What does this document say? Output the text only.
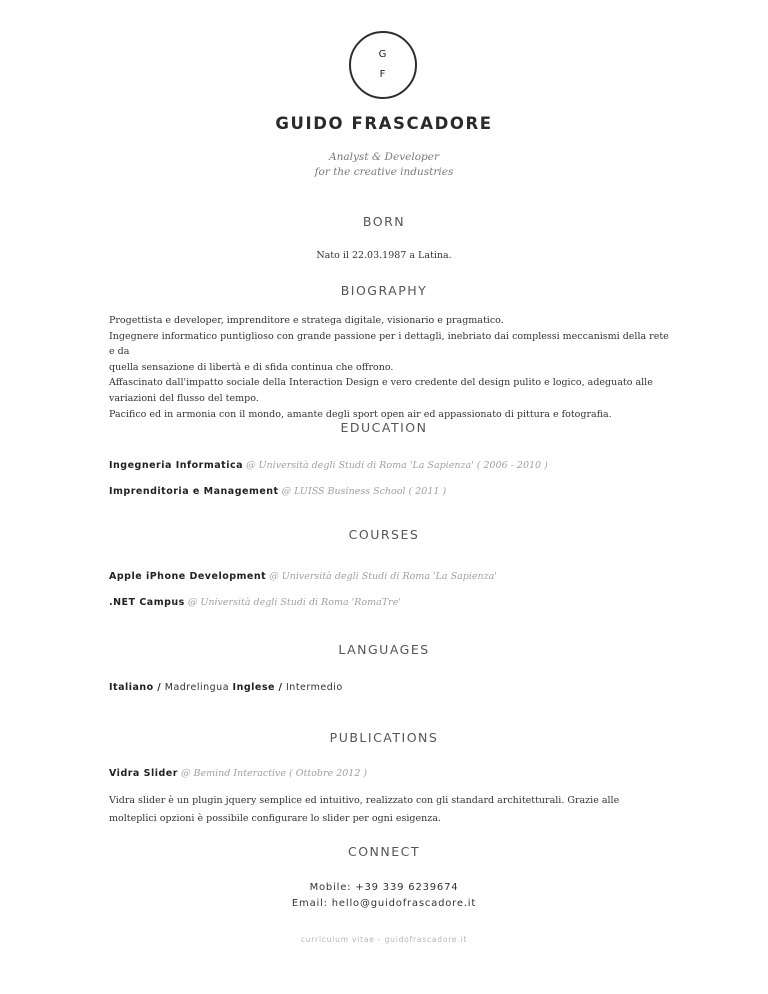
G
F
GUIDO FRASCADORE
Analyst & Developer
for the creative industries
BORN
Nato il 22.03.1987 a Latina.
BIOGRAPHY
Progettista e developer, imprenditore e stratega digitale, visionario e pragmatico.
Ingegnere informatico puntiglioso con grande passione per i dettagli, inebriato dai complessi meccanismi della rete e da
quella sensazione di libertà e di sfida continua che offrono.
Affascinato dall'impatto sociale della Interaction Design e vero credente del design pulito e logico, adeguato alle
variazioni del flusso del tempo.
Pacifico ed in armonia con il mondo, amante degli sport open air ed appassionato di pittura e fotografia.
EDUCATION
Ingegneria Informatica @ Università degli Studi di Roma 'La Sapienza' ( 2006 - 2010 )
Imprenditoria e Management @ LUISS Business School ( 2011 )
COURSES
Apple iPhone Development @ Università degli Studi di Roma 'La Sapienza'
.NET Campus @ Università degli Studi di Roma 'RomaTre'
LANGUAGES
Italiano / Madrelingua Inglese / Intermedio
PUBLICATIONS
Vidra Slider @ Bemind Interactive ( Ottobre 2012 )
Vidra slider è un plugin jquery semplice ed intuitivo, realizzato con gli standard architetturali. Grazie alle molteplici opzioni è possibile configurare lo slider per ogni esigenza.
CONNECT
Mobile: +39 339 6239674
Email: hello@guidofrascadore.it
curriculum vitae - guidofrascadore.it
